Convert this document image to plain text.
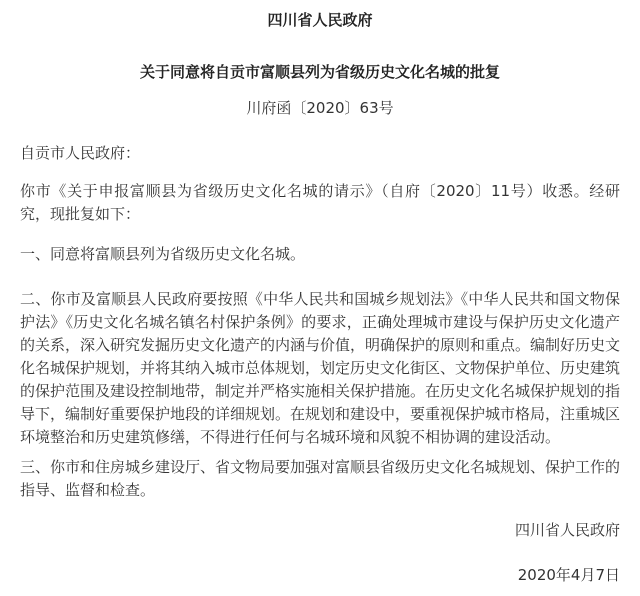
四川省人民政府

关于同意将自贡市富顺县列为省级历史文化名城的批复

川府函〔2020〕63号

自贡市人民政府：

你市《关于申报富顺县为省级历史文化名城的请示》（自府〔2020〕11号）收悉。经研究，现批复如下：

一、同意将富顺县列为省级历史文化名城。

二、你市及富顺县人民政府要按照《中华人民共和国城乡规划法》《中华人民共和国文物保护法》《历史文化名城名镇名村保护条例》的要求，正确处理城市建设与保护历史文化遗产的关系，深入研究发掘历史文化遗产的内涵与价值，明确保护的原则和重点。编制好历史文化名城保护规划，并将其纳入城市总体规划，划定历史文化街区、文物保护单位、历史建筑的保护范围及建设控制地带，制定并严格实施相关保护措施。在历史文化名城保护规划的指导下，编制好重要保护地段的详细规划。在规划和建设中，要重视保护城市格局，注重城区环境整治和历史建筑修缮，不得进行任何与名城环境和风貌不相协调的建设活动。

三、你市和住房城乡建设厅、省文物局要加强对富顺县省级历史文化名城规划、保护工作的指导、监督和检查。

四川省人民政府

2020年4月7日
